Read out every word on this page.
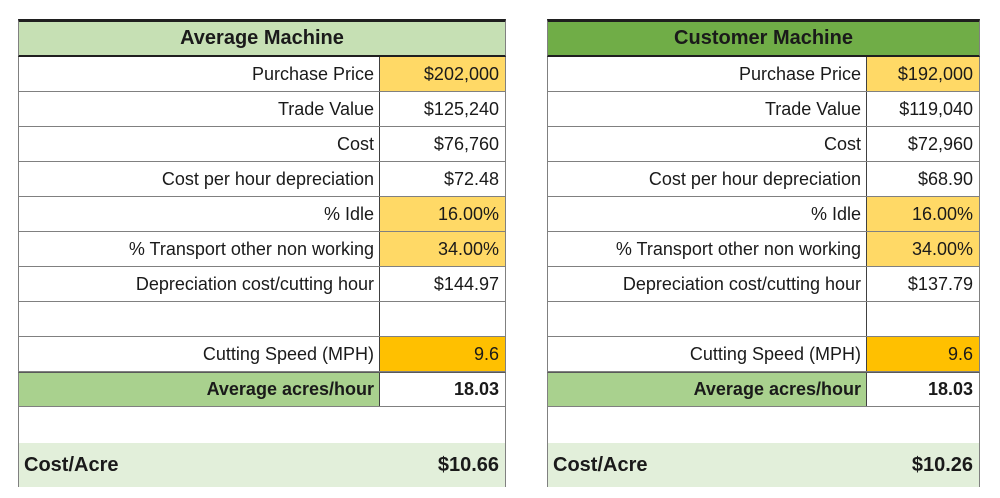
Average Machine
Purchase Price	$202,000
Trade Value	$125,240
Cost	$76,760
Cost per hour depreciation	$72.48
% Idle	16.00%
% Transport other non working	34.00%
Depreciation cost/cutting hour	$144.97
Cutting Speed (MPH)	9.6
Average acres/hour	18.03
Cost/Acre	$10.66
Customer Machine
Purchase Price	$192,000
Trade Value	$119,040
Cost	$72,960
Cost per hour depreciation	$68.90
% Idle	16.00%
% Transport other non working	34.00%
Depreciation cost/cutting hour	$137.79
Cutting Speed (MPH)	9.6
Average acres/hour	18.03
Cost/Acre	$10.26
